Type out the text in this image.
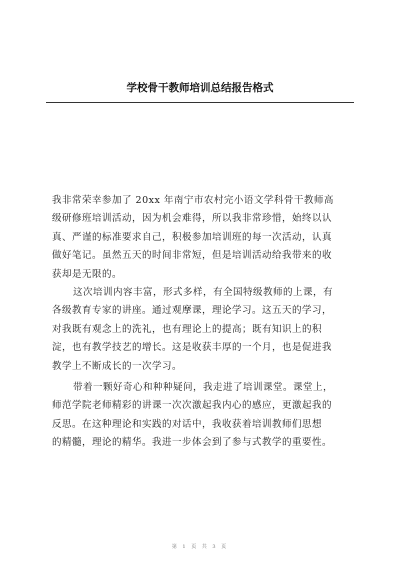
学校骨干教师培训总结报告格式

我非常荣幸参加了 20xx 年南宁市农村完小语文学科骨干教师高
级研修班培训活动，因为机会难得，所以我非常珍惜，始终以认
真、严谨的标准要求自己，积极参加培训班的每一次活动，认真
做好笔记。虽然五天的时间非常短，但是培训活动给我带来的收
获却是无限的。

这次培训内容丰富，形式多样，有全国特级教师的上课，有
各级教育专家的讲座。通过观摩课，理论学习。这五天的学习，
对我既有观念上的洗礼，也有理论上的提高；既有知识上的积
淀，也有教学技艺的增长。这是收获丰厚的一个月，也是促进我
教学上不断成长的一次学习。

带着一颗好奇心和种种疑问，我走进了培训课堂。课堂上，
师范学院老师精彩的讲课一次次激起我内心的感应，更激起我的
反思。在这种理论和实践的对话中，我收获着培训教师们思想
的精髓，理论的精华。我进一步体会到了参与式教学的重要性。

第 1 页 共 3 页
